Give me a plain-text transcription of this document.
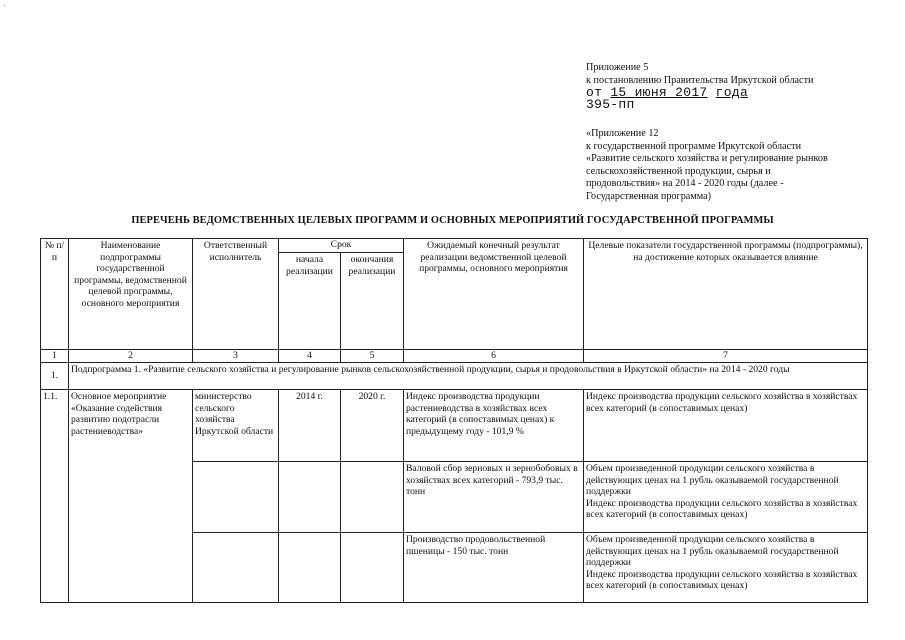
'
Приложение 5
к постановлению Правительства Иркутской области
от 15 июня 2017 года
395-пп
«Приложение 12
к государственной программе Иркутской области
«Развитие сельского хозяйства и регулирование рынков
сельскохозяйственной продукции, сырья и
продовольствия» на 2014 - 2020 годы (далее -
Государственная программа)
ПЕРЕЧЕНЬ ВЕДОМСТВЕННЫХ ЦЕЛЕВЫХ ПРОГРАММ И ОСНОВНЫХ МЕРОПРИЯТИЙ ГОСУДАРСТВЕННОЙ ПРОГРАММЫ
№ п/п	Наименование подпрограммы государственной программы, ведомственной целевой программы, основного мероприятия	Ответственный исполнитель	Срок		Ожидаемый конечный результат реализации ведомственной целевой программы, основного мероприятия	Целевые показатели государственной программы (подпрограммы), на достижение которых оказывается влияние
			начала реализации	окончания реализации		
1	2	3	4	5	6	7
1.	Подпрограмма 1. «Развитие сельского хозяйства и регулирование рынков сельскохозяйственной продукции, сырья и продовольствия в Иркутской области» на 2014 - 2020 годы					
1.1.	Основное мероприятие «Оказание содействия развитию подотрасли растениеводства»	министерство сельского хозяйства Иркутской области	2014 г.	2020 г.	Индекс производства продукции растениеводства в хозяйствах всех категорий (в сопоставимых ценах) к предыдущему году - 101,9 %	Индекс производства продукции сельского хозяйства в хозяйствах всех категорий (в сопоставимых ценах)

					Валовой сбор зерновых и зернобобовых в хозяйствах всех категорий - 793,9 тыс. тонн	Объем произведенной продукции сельского хозяйства в действующих ценах на 1 рубль оказываемой государственной поддержки
Индекс производства продукции сельского хозяйства в хозяйствах всех категорий (в сопоставимых ценах)

					Производство продовольственной пшеницы - 150 тыс. тонн	Объем произведенной продукции сельского хозяйства в действующих ценах на 1 рубль оказываемой государственной поддержки
Индекс производства продукции сельского хозяйства в хозяйствах всех категорий (в сопоставимых ценах)
